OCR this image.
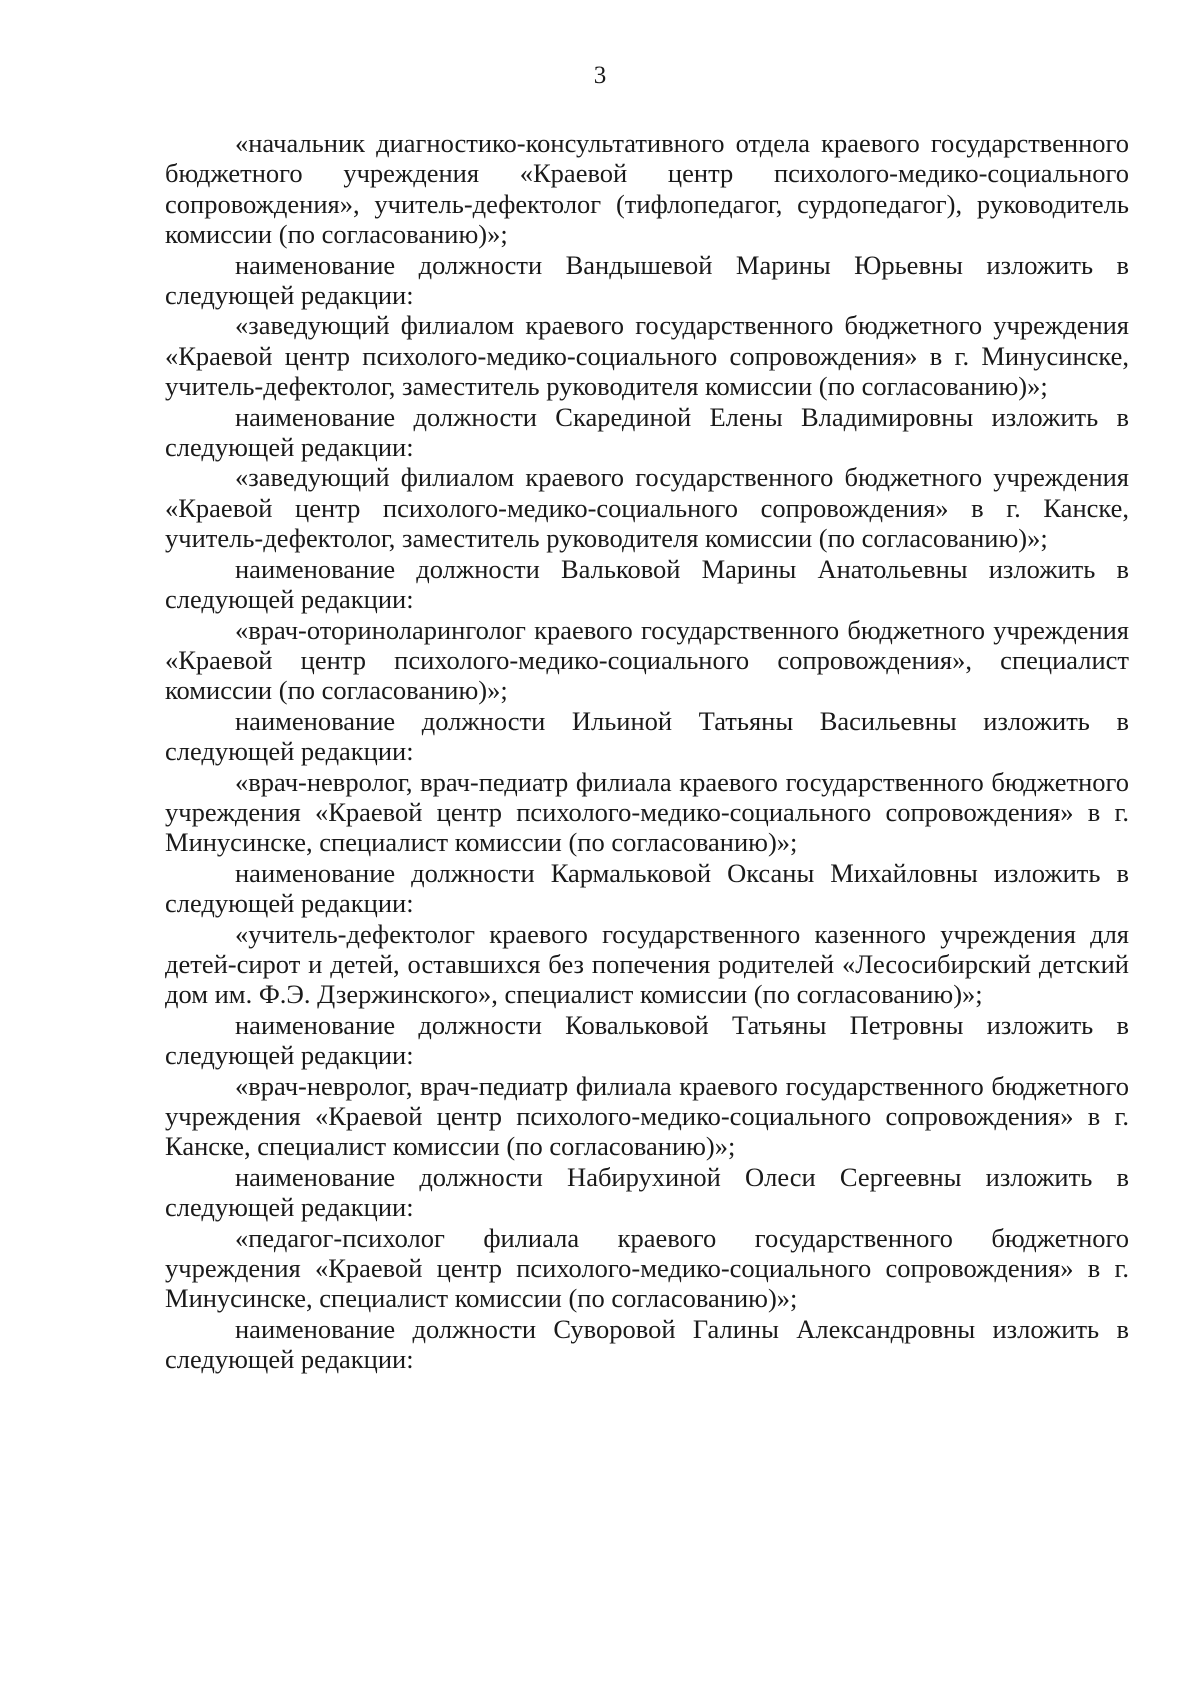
3

«начальник диагностико-консультативного отдела краевого государственного бюджетного учреждения «Краевой центр психолого-медико-социального сопровождения», учитель-дефектолог (тифлопедагог, сурдопедагог), руководитель комиссии (по согласованию)»;

наименование должности Вандышевой Марины Юрьевны изложить в следующей редакции:

«заведующий филиалом краевого государственного бюджетного учреждения «Краевой центр психолого-медико-социального сопровождения» в г. Минусинске, учитель-дефектолог, заместитель руководителя комиссии (по согласованию)»;

наименование должности Скарединой Елены Владимировны изложить в следующей редакции:

«заведующий филиалом краевого государственного бюджетного учреждения «Краевой центр психолого-медико-социального сопровождения» в г. Канске, учитель-дефектолог, заместитель руководителя комиссии (по согласованию)»;

наименование должности Вальковой Марины Анатольевны изложить в следующей редакции:

«врач-оториноларинголог краевого государственного бюджетного учреждения «Краевой центр психолого-медико-социального сопровождения», специалист комиссии (по согласованию)»;

наименование должности Ильиной Татьяны Васильевны изложить в следующей редакции:

«врач-невролог, врач-педиатр филиала краевого государственного бюджетного учреждения «Краевой центр психолого-медико-социального сопровождения» в г. Минусинске, специалист комиссии (по согласованию)»;

наименование должности Кармальковой Оксаны Михайловны изложить в следующей редакции:

«учитель-дефектолог краевого государственного казенного учреждения для детей-сирот и детей, оставшихся без попечения родителей «Лесосибирский детский дом им. Ф.Э. Дзержинского», специалист комиссии (по согласованию)»;

наименование должности Ковальковой Татьяны Петровны изложить в следующей редакции:

«врач-невролог, врач-педиатр филиала краевого государственного бюджетного учреждения «Краевой центр психолого-медико-социального сопровождения» в г. Канске, специалист комиссии (по согласованию)»;

наименование должности Набирухиной Олеси Сергеевны изложить в следующей редакции:

«педагог-психолог филиала краевого государственного бюджетного учреждения «Краевой центр психолого-медико-социального сопровождения» в г. Минусинске, специалист комиссии (по согласованию)»;

наименование должности Суворовой Галины Александровны изложить в следующей редакции:
